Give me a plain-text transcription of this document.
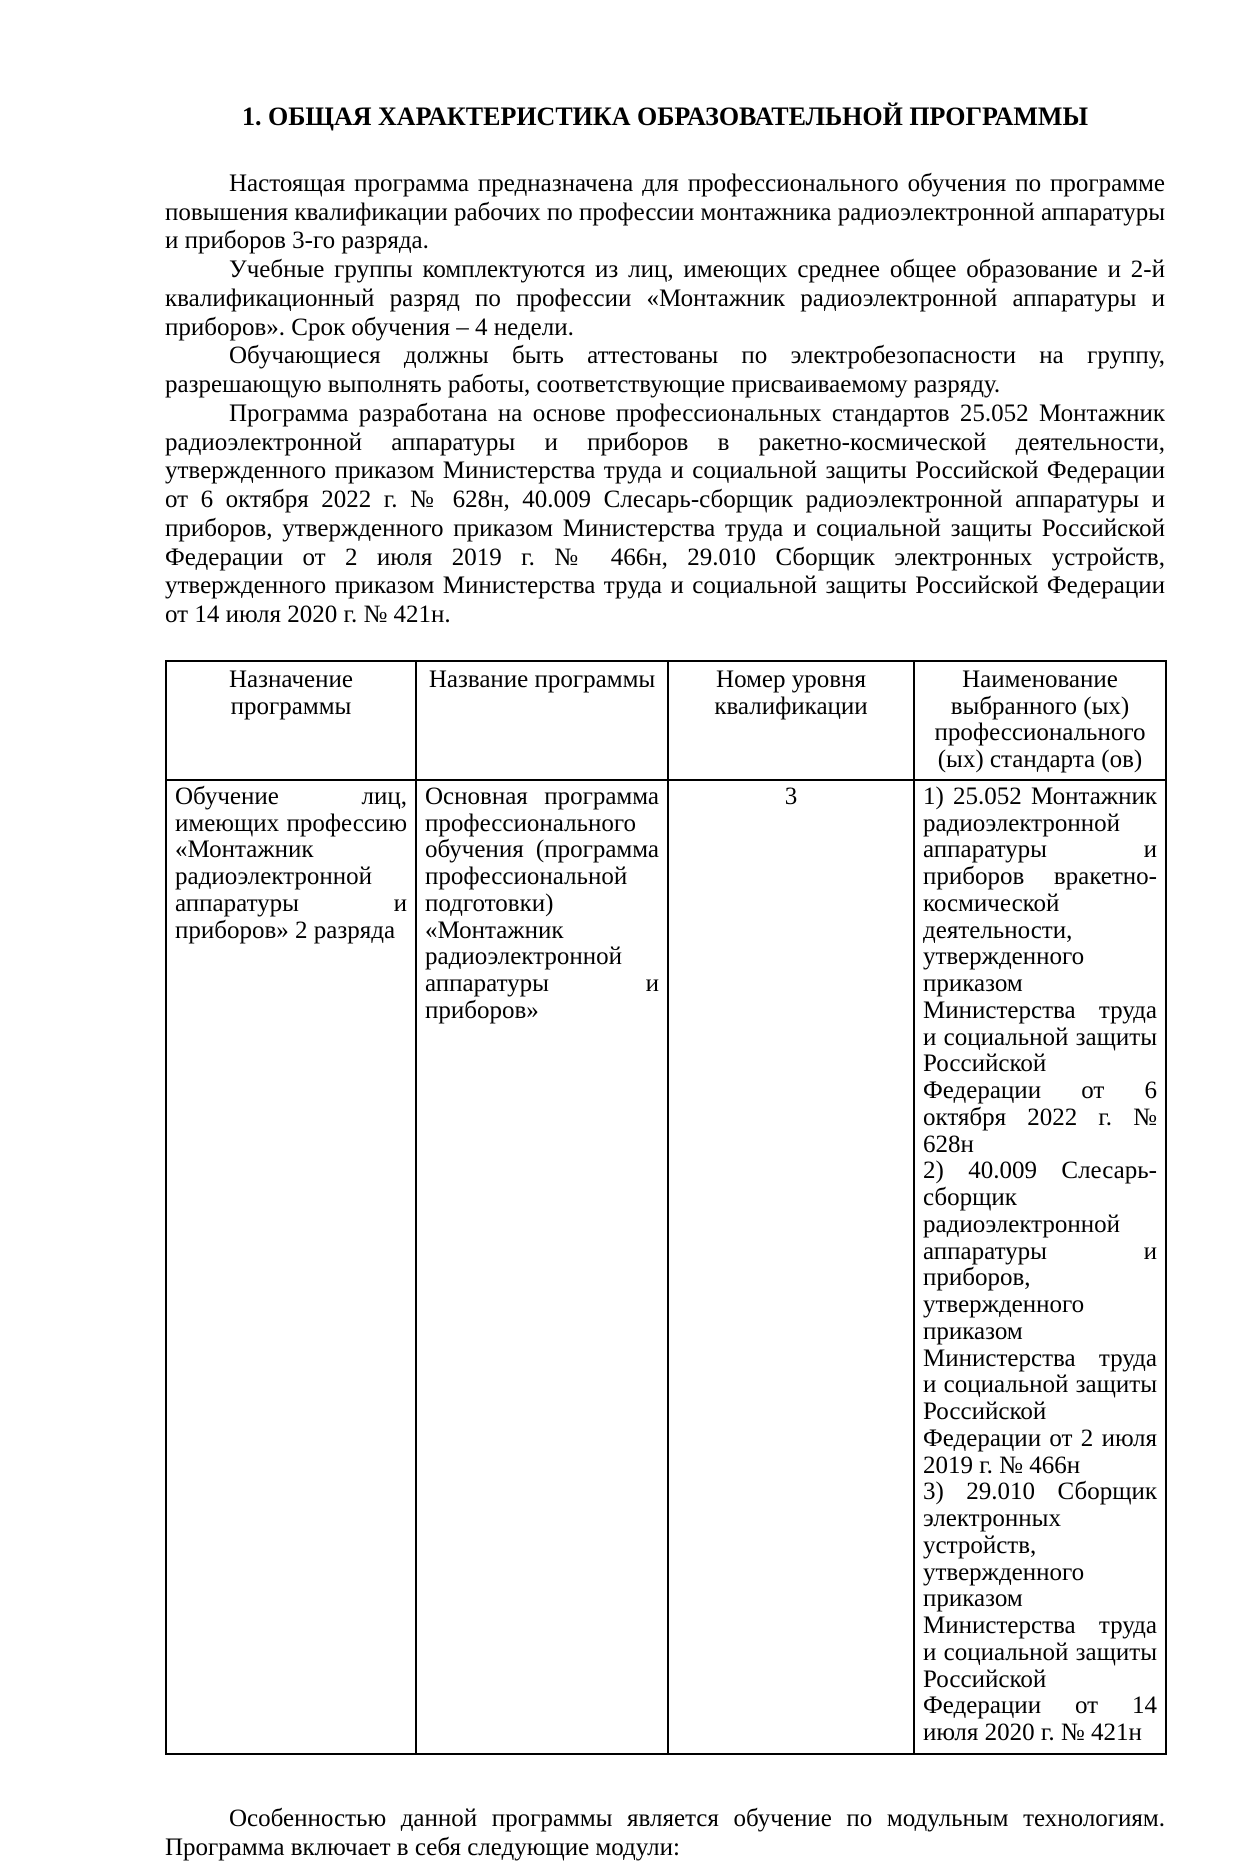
1. ОБЩАЯ ХАРАКТЕРИСТИКА ОБРАЗОВАТЕЛЬНОЙ ПРОГРАММЫ

Настоящая программа предназначена для профессионального обучения по программе повышения квалификации рабочих по профессии монтажника радиоэлектронной аппаратуры и приборов 3-го разряда.

Учебные группы комплектуются из лиц, имеющих среднее общее образование и 2-й квалификационный разряд по профессии «Монтажник радиоэлектронной аппаратуры и приборов». Срок обучения – 4 недели.

Обучающиеся должны быть аттестованы по электробезопасности на группу, разрешающую выполнять работы, соответствующие присваиваемому разряду.

Программа разработана на основе профессиональных стандартов 25.052 Монтажник радиоэлектронной аппаратуры и приборов в ракетно-космической деятельности, утвержденного приказом Министерства труда и социальной защиты Российской Федерации от 6 октября 2022 г. № 628н, 40.009 Слесарь-сборщик радиоэлектронной аппаратуры и приборов, утвержденного приказом Министерства труда и социальной защиты Российской Федерации от 2 июля 2019 г. № 466н, 29.010 Сборщик электронных устройств, утвержденного приказом Министерства труда и социальной защиты Российской Федерации от 14 июля 2020 г. № 421н.

Назначение программы	Название программы	Номер уровня квалификации	Наименование выбранного (ых) профессионального (ых) стандарта (ов)
Обучение лиц, имеющих профессию «Монтажник радиоэлектронной аппаратуры и приборов» 2 разряда	Основная программа профессионального обучения (программа профессиональной подготовки) «Монтажник радиоэлектронной аппаратуры и приборов»	3	1) 25.052 Монтажник радиоэлектронной аппаратуры и приборов вракетно-космической деятельности, утвержденного приказом Министерства труда и социальной защиты Российской Федерации от 6 октября 2022 г. № 628н

2) 40.009 Слесарь-сборщик радиоэлектронной аппаратуры и приборов, утвержденного приказом Министерства труда и социальной защиты Российской Федерации от 2 июля 2019 г. № 466н

3) 29.010 Сборщик электронных устройств, утвержденного приказом Министерства труда и социальной защиты Российской Федерации от 14 июля 2020 г. № 421н

Особенностью данной программы является обучение по модульным технологиям. Программа включает в себя следующие модули:
